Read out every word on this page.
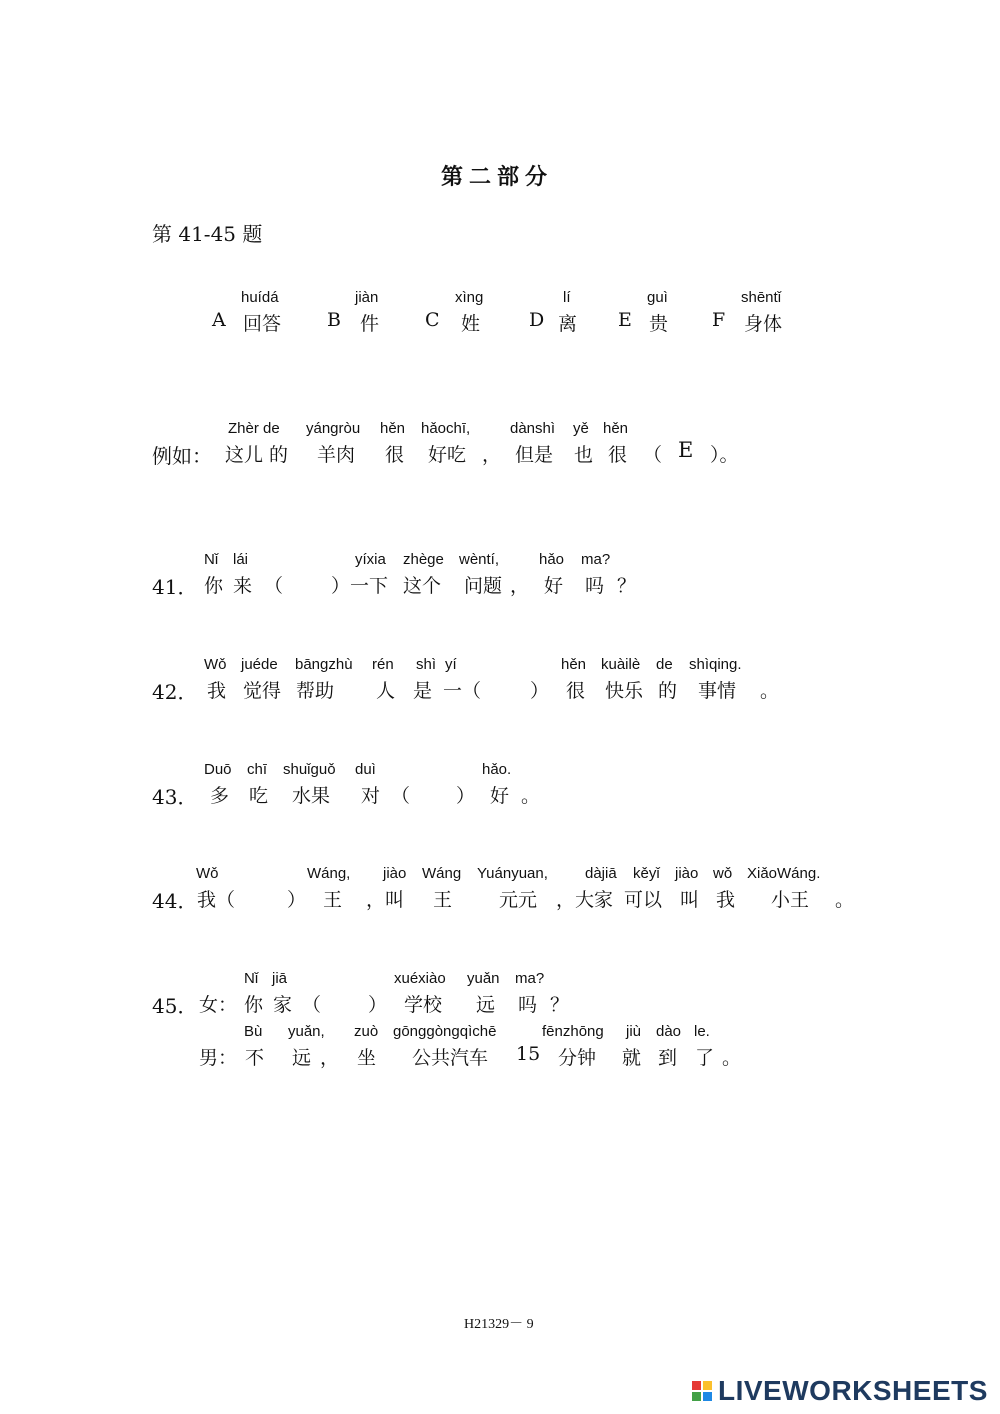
第二部分
第 41-45 题
huídá
A 回答
jiàn
B 件
xìng
C 姓
lí
D 离
guì
E 贵
shēntǐ
F 身体
Zhèr de yángròu hěn hǎochī,	dànshì yě hěn
例如： 这儿 的 羊肉 很 好吃 ， 但是 也 很 （ E ）。
Nǐ lái	yíxia zhège wèntí,	hǎo ma?
41． 你 来 （	）一下 这个 问题 ， 好 吗 ？
Wǒ juéde bāngzhù rén shì yí	hěn kuàilè de shìqing.
42． 我 觉得 帮助 人 是 一（	） 很 快乐 的 事情 。
Duō chī shuǐguǒ duì	hǎo.
43． 多 吃 水果 对 （ ） 好 。
Wǒ	Wáng, jiào Wáng Yuányuan, dàjiā kěyǐ jiào wǒ XiǎoWáng.
44． 我（	） 王 ，叫 王 元元 ，大家 可以 叫 我 小王 。
Nǐ jiā	xuéxiào yuǎn ma?
45． 女： 你 家 （ ） 学校 远 吗 ？
Bù yuǎn, zuò gōnggòngqìchē	fēnzhōng jiù dào le.
男： 不 远 ， 坐 公共汽车 15 分钟 就 到 了 。
H21329－ 9
LIVEWORKSHEETS
